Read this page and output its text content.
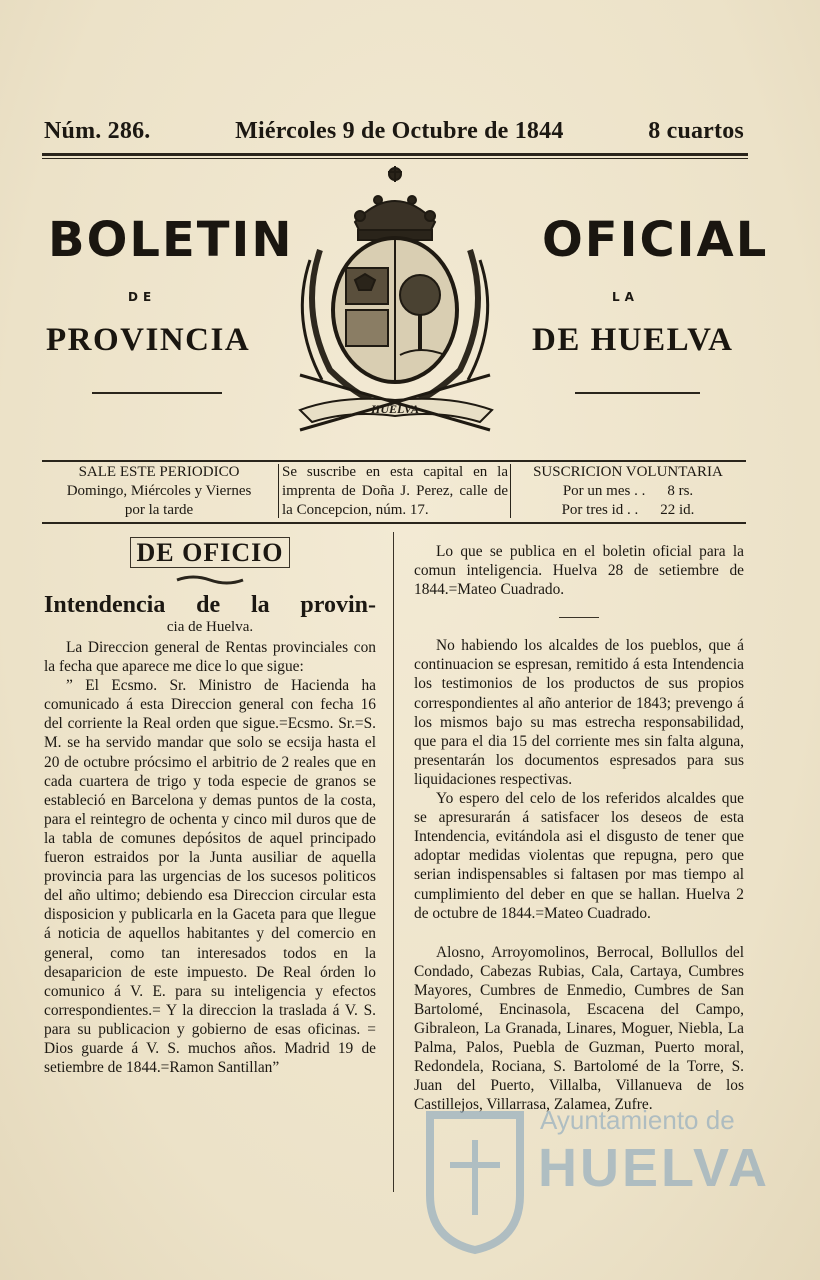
Núm. 286.	Miércoles 9 de Octubre de 1844	8 cuartos
BOLETIN
DE
PROVINCIA
OFICIAL
LA
DE HUELVA
HUELVA
SALE ESTE PERIODICO
Domingo, Miércoles y Viernes
por la tarde
Se suscribe en esta capital en la imprenta de Doña J. Perez, calle de la Concepcion, núm. 17.
SUSCRICION VOLUNTARIA
Por un mes . . 8 rs.
Por tres id . . 22 id.
DE OFICIO
Intendencia de la provin-
cia de Huelva.

La Direccion general de Rentas provinciales con la fecha que aparece me dice lo que sigue:

” El Ecsmo. Sr. Ministro de Hacienda ha comunicado á esta Direccion general con fecha 16 del corriente la Real orden que sigue.=Ecsmo. Sr.=S. M. se ha servido mandar que solo se ecsija hasta el 20 de octubre prócsimo el arbitrio de 2 reales que en cada cuartera de trigo y toda especie de granos se estableció en Barcelona y demas puntos de la costa, para el reintegro de ochenta y cinco mil duros que de la tabla de comunes depósitos de aquel principado fueron estraidos por la Junta ausiliar de aquella provincia para las urgencias de los sucesos politicos del año ultimo; debiendo esa Direccion circular esta disposicion y publicarla en la Gaceta para que llegue á noticia de aquellos habitantes y del comercio en general, como tan interesados todos en la desaparicion de este impuesto. De Real órden lo comunico á V. E. para su inteligencia y efectos correspondientes.= Y la direccion la traslada á V. S. para su publicacion y gobierno de esas oficinas. = Dios guarde á V. S. muchos años. Madrid 19 de setiembre de 1844.=Ramon Santillan”

Lo que se publica en el boletin oficial para la comun inteligencia. Huelva 28 de setiembre de 1844.=Mateo Cuadrado.

No habiendo los alcaldes de los pueblos, que á continuacion se espresan, remitido á esta Intendencia los testimonios de los productos de sus propios correspondientes al año anterior de 1843; prevengo á los mismos bajo su mas estrecha responsabilidad, que para el dia 15 del corriente mes sin falta alguna, presentarán los documentos espresados para sus liquidaciones respectivas.

Yo espero del celo de los referidos alcaldes que se apresurarán á satisfacer los deseos de esta Intendencia, evitándola asi el disgusto de tener que adoptar medidas violentas que repugna, pero que serian indispensables si faltasen por mas tiempo al cumplimiento del deber en que se hallan. Huelva 2 de octubre de 1844.=Mateo Cuadrado.

Alosno, Arroyomolinos, Berrocal, Bollullos del Condado, Cabezas Rubias, Cala, Cartaya, Cumbres Mayores, Cumbres de Enmedio, Cumbres de San Bartolomé, Encinasola, Escacena del Campo, Gibraleon, La Granada, Linares, Moguer, Niebla, La Palma, Palos, Puebla de Guzman, Puerto moral, Redondela, Rociana, S. Bartolomé de la Torre, S. Juan del Puerto, Villalba, Villanueva de los Castillejos, Villarrasa, Zalamea, Zufre.

Ayuntamiento de
HUELVA
